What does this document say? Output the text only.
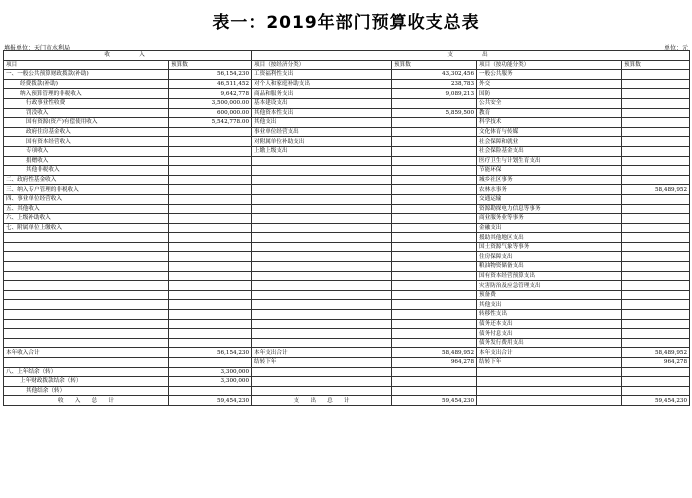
表一：2019年部门预算收支总表
填报单位：天门市水利局	单位：元
收　　入		支　　出			
项目	预算数	项目（按经济分类）	预算数	项目（按功能分类）	预算数
一、一般公共预算财政拨款(补助)	56,154,230	工资福利性支出	43,302,456	一般公共服务	
经费拨款(补助)	46,511,452	对个人和家庭补助支出	238,783	外交	
纳入预算管理的非税收入	9,642,778	商品和服务支出	9,089,213	国防	
行政事业性收费	3,500,000.00	基本建设支出		公共安全	
罚没收入	600,000.00	其他资本性支出	5,859,500	教育	
国有资源(资产)有偿使用收入	5,542,778.00	其他支出		科学技术	
政府住房基金收入		事业单位经营支出		文化体育与传媒	
国有资本经营收入		对附属单位补助支出		社会保障和就业	
专项收入		上缴上级支出		社会保险基金支出	
捐赠收入				医疗卫生与计划生育支出	
其他非税收入				节能环保	
二、政府性基金收入				城乡社区事务	
三、纳入专户管理的非税收入				农林水事务	58,489,952
四、事业单位经营收入				交通运输	
五、其他收入				资源勘探电力信息等事务	
六、上级补助收入				商业服务业等事务	
七、附属单位上缴收入				金融支出	
				援助其他地区支出	
				国土资源气象等事务	
				住房保障支出	
				粮油物资储备支出	
				国有资本经营预算支出	
				灾害防治及应急管理支出	
				预备费	
				其他支出	
				转移性支出	
				债务还本支出	
				债务付息支出	
				债务发行费用支出	
本年收入合计	56,154,230	本年支出合计	58,489,952	本年支出合计	58,489,952
		结转下年	964,278	结转下年	964,278
八、上年结余（转）	3,300,000				
上年财政拨款结余（转）	3,300,000				
其他结余（转）					
收　　入　　总　　计	59,454,230	支　　出　　总　　计	59,454,230		59,454,230
